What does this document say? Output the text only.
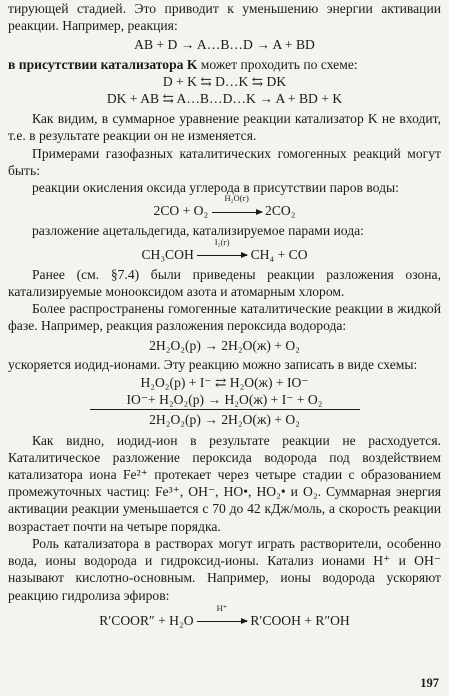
тирующей стадией. Это приводит к уменьшению энергии активации реакции. Например, реакция:

AB + D → A…B…D → A + BD

в присутствии катализатора K может проходить по схеме:

D + K ⇆ D…K ⇆ DK

DK + AB ⇆ A…B…D…K → A + BD + K

Как видим, в суммарное уравнение реакции катализатор K не входит, т.е. в результате реакции он не изменяется.

Примерами газофазных каталитических гомогенных реакций могут быть:

реакции окисления оксида углерода в присутствии паров воды:

2CO + O₂
H₂O(г)
2CO₂

разложение ацетальдегида, катализируемое парами иода:

CH₃COH
I₂(г)
CH₄ + CO

Ранее (см. §7.4) были приведены реакции разложения озона, катализируемые монооксидом азота и атомарным хлором.

Более распространены гомогенные каталитические реакции в жидкой фазе. Например, реакция разложения пероксида водорода:

2H₂O₂(р) → 2H₂O(ж) + O₂

ускоряется иодид-ионами. Эту реакцию можно записать в виде схемы:

H₂O₂(р) + I⁻ ⇄ H₂O(ж) + IO⁻
IO⁻+ H₂O₂(р) → H₂O(ж) + I⁻ + O₂
2H₂O₂(р) → 2H₂O(ж) + O₂

Как видно, иодид-ион в результате реакции не расходуется. Каталитическое разложение пероксида водорода под воздействием катализатора иона Fe²⁺ протекает через четыре стадии с образованием промежуточных частиц: Fe³⁺, OH⁻, HO•, HO₂• и O₂. Суммарная энергия активации реакции уменьшается с 70 до 42 кДж/моль, а скорость реакции возрастает почти на четыре порядка.

Роль катализатора в растворах могут играть растворители, особенно вода, ионы водорода и гидроксид-ионы. Катализ ионами H⁺ и OH⁻ называют кислотно-основным. Например, ионы водорода ускоряют реакцию гидролиза эфиров:

R′COOR″ + H₂O
H⁺
R′COOH + R″OH

197
